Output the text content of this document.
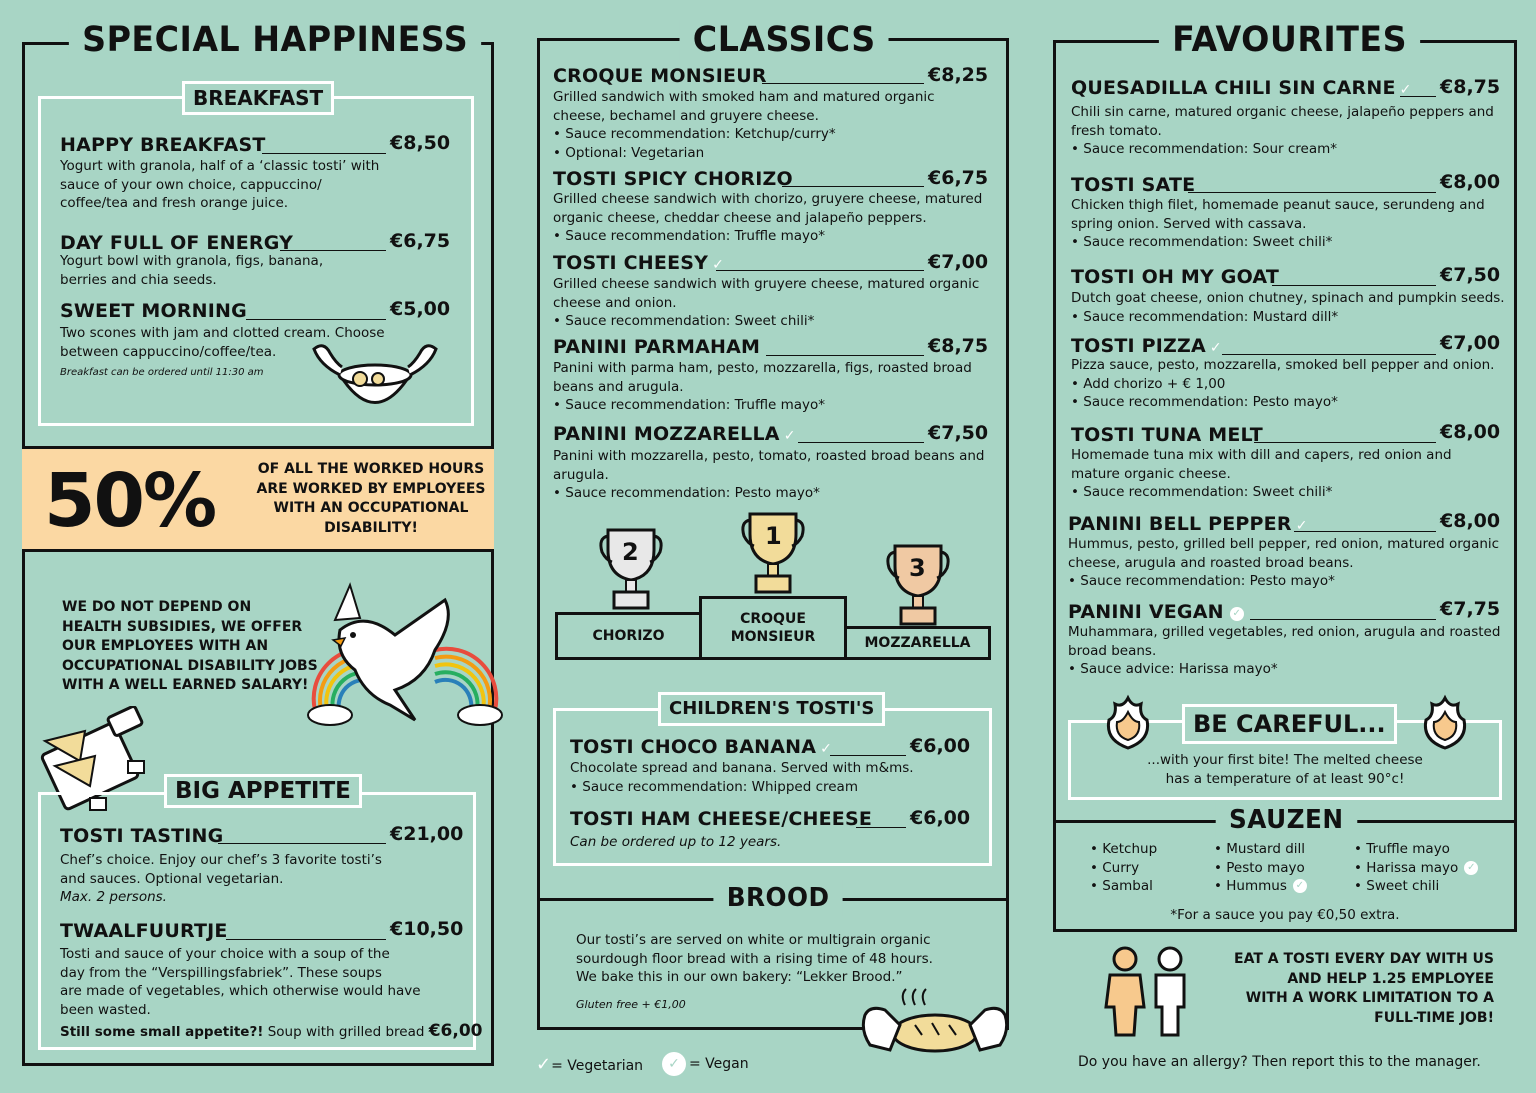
SPECIAL HAPPINESS
BREAKFAST
HAPPY BREAKFAST	€8,50
Yogurt with granola, half of a ‘classic tosti’ with
sauce of your own choice, cappuccino/
coffee/tea and fresh orange juice.
DAY FULL OF ENERGY	€6,75
Yogurt bowl with granola, figs, banana,
berries and chia seeds.
SWEET MORNING	€5,00
Two scones with jam and clotted cream. Choose
between cappuccino/coffee/tea.
Breakfast can be ordered until 11:30 am
50%	OF ALL THE WORKED HOURS
ARE WORKED BY EMPLOYEES
WITH AN OCCUPATIONAL
DISABILITY!
WE DO NOT DEPEND ON
HEALTH SUBSIDIES, WE OFFER
OUR EMPLOYEES WITH AN
OCCUPATIONAL DISABILITY JOBS
WITH A WELL EARNED SALARY!
BIG APPETITE
TOSTI TASTING	€21,00
Chef’s choice. Enjoy our chef’s 3 favorite tosti’s
and sauces. Optional vegetarian.
Max. 2 persons.
TWAALFUURTJE	€10,50
Tosti and sauce of your choice with a soup of the
day from the “Verspillingsfabriek”. These soups
are made of vegetables, which otherwise would have
been wasted.
Still some small appetite?! Soup with grilled bread €6,00
CLASSICS
CROQUE MONSIEUR	€8,25
Grilled sandwich with smoked ham and matured organic
cheese, bechamel and gruyere cheese.
• Sauce recommendation: Ketchup/curry*
• Optional: Vegetarian
TOSTI SPICY CHORIZO	€6,75
Grilled cheese sandwich with chorizo, gruyere cheese, matured
organic cheese, cheddar cheese and jalapeño peppers.
• Sauce recommendation: Truffle mayo*
TOSTI CHEESY ✓	€7,00
Grilled cheese sandwich with gruyere cheese, matured organic
cheese and onion.
• Sauce recommendation: Sweet chili*
PANINI PARMAHAM	€8,75
Panini with parma ham, pesto, mozzarella, figs, roasted broad
beans and arugula.
• Sauce recommendation: Truffle mayo*
PANINI MOZZARELLA ✓	€7,50
Panini with mozzarella, pesto, tomato, roasted broad beans and
arugula.
• Sauce recommendation: Pesto mayo*
2
1
3
CHORIZO
CROQUE MONSIEUR	MOZZARELLA
CHILDREN'S TOSTI'S
TOSTI CHOCO BANANA ✓	€6,00
Chocolate spread and banana. Served with m&ms.
• Sauce recommendation: Whipped cream
TOSTI HAM CHEESE/CHEESE €6,00
Can be ordered up to 12 years.
BROOD
Our tosti’s are served on white or multigrain organic
sourdough floor bread with a rising time of 48 hours.
We bake this in our own bakery: “Lekker Brood.”
Gluten free + €1,00
✓= Vegetarian	✓ = Vegan
FAVOURITES
QUESADILLA CHILI SIN CARNE ✓ €8,75
Chili sin carne, matured organic cheese, jalapeño peppers and
fresh tomato.
• Sauce recommendation: Sour cream*
TOSTI SATE	€8,00
Chicken thigh filet, homemade peanut sauce, serundeng and
spring onion. Served with cassava.
• Sauce recommendation: Sweet chili*
TOSTI OH MY GOAT	€7,50
Dutch goat cheese, onion chutney, spinach and pumpkin seeds.
• Sauce recommendation: Mustard dill*
TOSTI PIZZA ✓	€7,00
Pizza sauce, pesto, mozzarella, smoked bell pepper and onion.
• Add chorizo + € 1,00
• Sauce recommendation: Pesto mayo*
TOSTI TUNA MELT	€8,00
Homemade tuna mix with dill and capers, red onion and
mature organic cheese.
• Sauce recommendation: Sweet chili*
PANINI BELL PEPPER ✓	€8,00
Hummus, pesto, grilled bell pepper, red onion, matured organic
cheese, arugula and roasted broad beans.
• Sauce recommendation: Pesto mayo*
PANINI VEGAN ✓	€7,75
Muhammara, grilled vegetables, red onion, arugula and roasted
broad beans.
• Sauce advice: Harissa mayo*
BE CAREFUL...
...with your first bite! The melted cheese
has a temperature of at least 90°c!
SAUZEN
• Ketchup
• Curry
• Sambal
• Mustard dill
• Pesto mayo
• Hummus ✓
• Truffle mayo
• Harissa mayo ✓
• Sweet chili
*For a sauce you pay €0,50 extra.
EAT A TOSTI EVERY DAY WITH US
AND HELP 1.25 EMPLOYEE
WITH A WORK LIMITATION TO A
FULL-TIME JOB!
Do you have an allergy? Then report this to the manager.
